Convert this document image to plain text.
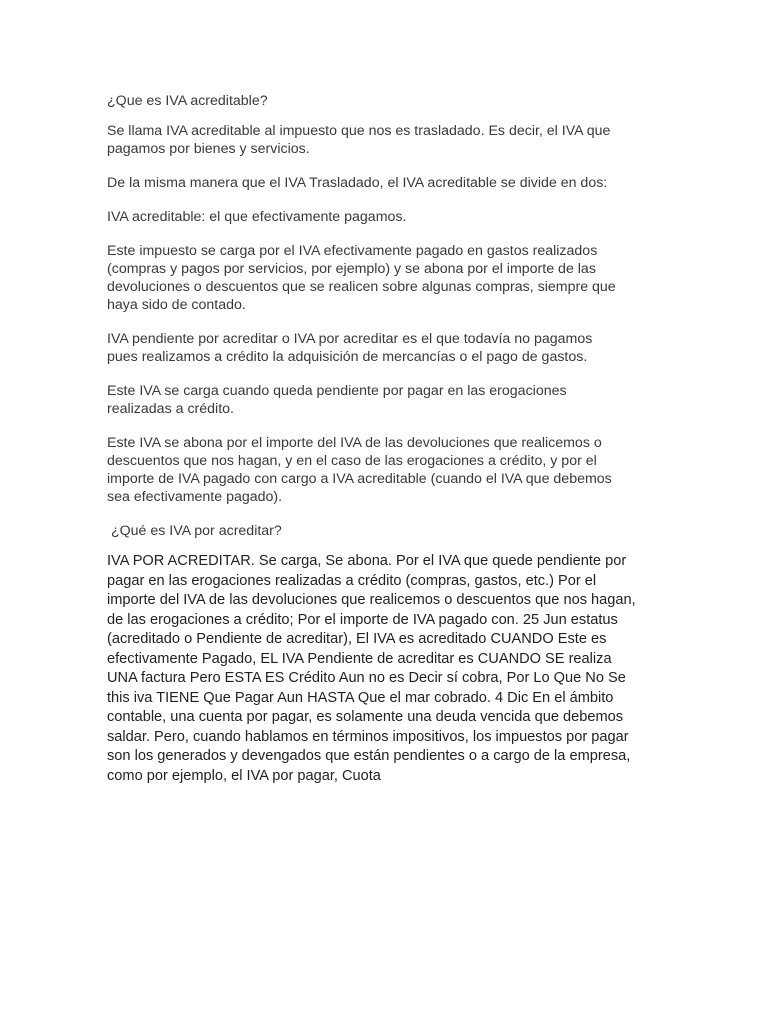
¿Que es IVA acreditable?

Se llama IVA acreditable al impuesto que nos es trasladado. Es decir, el IVA que
pagamos por bienes y servicios.

De la misma manera que el IVA Trasladado, el IVA acreditable se divide en dos:

IVA acreditable: el que efectivamente pagamos.

Este impuesto se carga por el IVA efectivamente pagado en gastos realizados
(compras y pagos por servicios, por ejemplo) y se abona por el importe de las
devoluciones o descuentos que se realicen sobre algunas compras, siempre que
haya sido de contado.

IVA pendiente por acreditar o IVA por acreditar es el que todavía no pagamos
pues realizamos a crédito la adquisición de mercancías o el pago de gastos.

Este IVA se carga cuando queda pendiente por pagar en las erogaciones
realizadas a crédito.

Este IVA se abona por el importe del IVA de las devoluciones que realicemos o
descuentos que nos hagan, y en el caso de las erogaciones a crédito, y por el
importe de IVA pagado con cargo a IVA acreditable (cuando el IVA que debemos
sea efectivamente pagado).

¿Qué es IVA por acreditar?

IVA POR ACREDITAR. Se carga, Se abona. Por el IVA que quede pendiente por
pagar en las erogaciones realizadas a crédito (compras, gastos, etc.) Por el
importe del IVA de las devoluciones que realicemos o descuentos que nos hagan,
de las erogaciones a crédito; Por el importe de IVA pagado con. 25 Jun estatus
(acreditado o Pendiente de acreditar), El IVA es acreditado CUANDO Este es
efectivamente Pagado, EL IVA Pendiente de acreditar es CUANDO SE realiza
UNA factura Pero ESTA ES Crédito Aun no es Decir sí cobra, Por Lo Que No Se
this iva TIENE Que Pagar Aun HASTA Que el mar cobrado. 4 Dic En el ámbito
contable, una cuenta por pagar, es solamente una deuda vencida que debemos
saldar. Pero, cuando hablamos en términos impositivos, los impuestos por pagar
son los generados y devengados que están pendientes o a cargo de la empresa,
como por ejemplo, el IVA por pagar, Cuota
